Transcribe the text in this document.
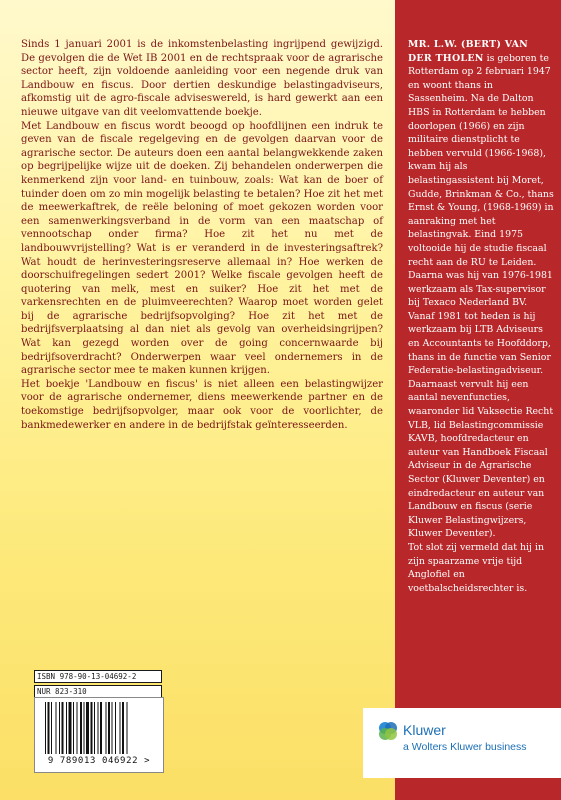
Sinds 1 januari 2001 is de inkomstenbelasting ingrijpend gewijzigd. De gevolgen die de Wet IB 2001 en de rechtspraak voor de agrarische sector heeft, zijn voldoende aanleiding voor een negende druk van Landbouw en fiscus. Door dertien deskundige belastingadviseurs, afkomstig uit de agro-fiscale adviseswereld, is hard gewerkt aan een nieuwe uitgave van dit veelomvattende boekje.

Met Landbouw en fiscus wordt beoogd op hoofdlijnen een indruk te geven van de fiscale regelgeving en de gevolgen daarvan voor de agrarische sector. De auteurs doen een aantal belangwekkende zaken op begrijpelijke wijze uit de doeken. Zij behandelen onderwerpen die kenmerkend zijn voor land- en tuinbouw, zoals: Wat kan de boer of tuinder doen om zo min mogelijk belasting te betalen? Hoe zit het met de meewerkaftrek, de reële beloning of moet gekozen worden voor een samenwerkingsverband in de vorm van een maatschap of vennootschap onder firma? Hoe zit het nu met de landbouwvrijstelling? Wat is er veranderd in de investeringsaftrek? Wat houdt de herinvesteringsreserve allemaal in? Hoe werken de doorschuifregelingen sedert 2001? Welke fiscale gevolgen heeft de quotering van melk, mest en suiker? Hoe zit het met de varkensrechten en de pluimveerechten? Waarop moet worden gelet bij de agrarische bedrijfsopvolging? Hoe zit het met de bedrijfsverplaatsing al dan niet als gevolg van overheidsingrijpen? Wat kan gezegd worden over de going concernwaarde bij bedrijfsoverdracht? Onderwerpen waar veel ondernemers in de agrarische sector mee te maken kunnen krijgen.

Het boekje 'Landbouw en fiscus' is niet alleen een belastingwijzer voor de agrarische ondernemer, diens meewerkende partner en de toekomstige bedrijfsopvolger, maar ook voor de voorlichter, de bankmedewerker en andere in de bedrijfstak geïnteresseerden.

MR. L.W. (BERT) VAN DER THOLEN is geboren te Rotterdam op 2 februari 1947 en woont thans in Sassenheim. Na de Dalton HBS in Rotterdam te hebben doorlopen (1966) en zijn militaire dienstplicht te hebben vervuld (1966-1968), kwam hij als belastingassistent bij Moret, Gudde, Brinkman & Co., thans Ernst & Young, (1968-1969) in aanraking met het belastingvak. Eind 1975 voltooide hij de studie fiscaal recht aan de RU te Leiden. Daarna was hij van 1976-1981 werkzaam als Tax-supervisor bij Texaco Nederland BV.

Vanaf 1981 tot heden is hij werkzaam bij LTB Adviseurs en Accountants te Hoofddorp, thans in de functie van Senior Federatie-belastingadviseur.

Daarnaast vervult hij een aantal nevenfuncties, waaronder lid Vaksectie Recht VLB, lid Belastingcommissie KAVB, hoofdredacteur en auteur van Handboek Fiscaal Adviseur in de Agrarische Sector (Kluwer Deventer) en eindredacteur en auteur van Landbouw en fiscus (serie Kluwer Belastingwijzers, Kluwer Deventer).

Tot slot zij vermeld dat hij in zijn spaarzame vrije tijd Anglofiel en voetbalscheidsrechter is.

ISBN 978-90-13-04692-2
NUR 823-310
9 789013 046922 >
Kluwer
a Wolters Kluwer business
